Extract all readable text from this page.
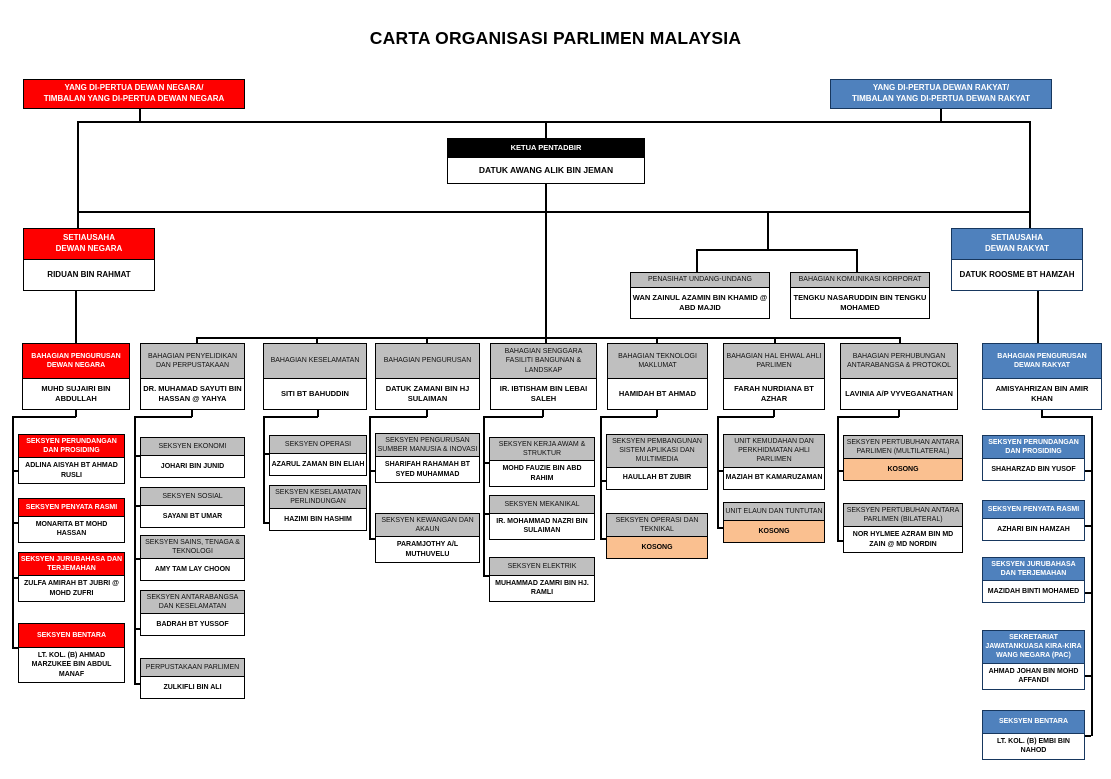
CARTA ORGANISASI PARLIMEN MALAYSIA
YANG DI-PERTUA DEWAN NEGARA/
TIMBALAN YANG DI-PERTUA DEWAN NEGARA
YANG DI-PERTUA DEWAN RAKYAT/
TIMBALAN YANG DI-PERTUA DEWAN RAKYAT
KETUA PENTADBIR
DATUK AWANG ALIK BIN JEMAN
SETIAUSAHA
DEWAN NEGARA
RIDUAN BIN RAHMAT
SETIAUSAHA
DEWAN RAKYAT
DATUK ROOSME BT HAMZAH
PENASIHAT UNDANG-UNDANG
WAN ZAINUL AZAMIN BIN KHAMID @ ABD MAJID
BAHAGIAN KOMUNIKASI KORPORAT
TENGKU NASARUDDIN BIN TENGKU MOHAMED
BAHAGIAN PENGURUSAN DEWAN NEGARA
MUHD SUJAIRI BIN ABDULLAH
BAHAGIAN PENYELIDIKAN DAN PERPUSTAKAAN
DR. MUHAMAD SAYUTI BIN HASSAN @ YAHYA
BAHAGIAN KESELAMATAN
SITI BT BAHUDDIN
BAHAGIAN PENGURUSAN
DATUK ZAMANI BIN HJ SULAIMAN
BAHAGIAN SENGGARA FASILITI BANGUNAN & LANDSKAP
IR. IBTISHAM BIN LEBAI SALEH
BAHAGIAN TEKNOLOGI MAKLUMAT
HAMIDAH BT AHMAD
BAHAGIAN HAL EHWAL AHLI PARLIMEN
FARAH NURDIANA BT AZHAR
BAHAGIAN PERHUBUNGAN ANTARABANGSA & PROTOKOL
LAVINIA A/P VYVEGANATHAN
BAHAGIAN PENGURUSAN DEWAN RAKYAT
AMISYAHRIZAN BIN AMIR KHAN
SEKSYEN PERUNDANGAN DAN PROSIDING
ADLINA AISYAH BT AHMAD RUSLI
SEKSYEN PENYATA RASMI
MONARITA BT MOHD HASSAN
SEKSYEN JURUBAHASA DAN TERJEMAHAN
ZULFA AMIRAH BT JUBRI @ MOHD ZUFRI
SEKSYEN BENTARA
LT. KOL. (B) AHMAD MARZUKEE BIN ABDUL MANAF
SEKSYEN EKONOMI
JOHARI BIN JUNID
SEKSYEN SOSIAL
SAYANI BT UMAR
SEKSYEN SAINS, TENAGA & TEKNOLOGI
AMY TAM LAY CHOON
SEKSYEN ANTARABANGSA DAN KESELAMATAN
BADRAH BT YUSSOF
PERPUSTAKAAN PARLIMEN
ZULKIFLI BIN ALI
SEKSYEN OPERASI
AZARUL ZAMAN BIN ELIAH
SEKSYEN KESELAMATAN PERLINDUNGAN
HAZIMI BIN HASHIM
SEKSYEN PENGURUSAN SUMBER MANUSIA & INOVASI
SHARIFAH RAHAMAH BT SYED MUHAMMAD
SEKSYEN KEWANGAN DAN AKAUN
PARAMJOTHY A/L MUTHUVELU
SEKSYEN KERJA AWAM & STRUKTUR
MOHD FAUZIE BIN ABD RAHIM
SEKSYEN MEKANIKAL
IR. MOHAMMAD NAZRI BIN SULAIMAN
SEKSYEN ELEKTRIK
MUHAMMAD ZAMRI BIN HJ. RAMLI
SEKSYEN PEMBANGUNAN SISTEM APLIKASI DAN MULTIMEDIA
HAULLAH BT ZUBIR
SEKSYEN OPERASI DAN TEKNIKAL
KOSONG
UNIT KEMUDAHAN DAN PERKHIDMATAN AHLI PARLIMEN
MAZIAH BT KAMARUZAMAN
UNIT ELAUN DAN TUNTUTAN
KOSONG
SEKSYEN PERTUBUHAN ANTARA PARLIMEN (MULTILATERAL)
KOSONG
SEKSYEN PERTUBUHAN ANTARA PARLIMEN (BILATERAL)
NOR HYLMEE AZRAM BIN MD ZAIN @ MD NORDIN
SEKSYEN PERUNDANGAN DAN PROSIDING
SHAHARZAD BIN YUSOF
SEKSYEN PENYATA RASMI
AZHARI BIN HAMZAH
SEKSYEN JURUBAHASA DAN TERJEMAHAN
MAZIDAH BINTI MOHAMED
SEKRETARIAT JAWATANKUASA KIRA-KIRA WANG NEGARA (PAC)
AHMAD JOHAN BIN MOHD AFFANDI
SEKSYEN BENTARA
LT. KOL. (B) EMBI BIN NAHOD
